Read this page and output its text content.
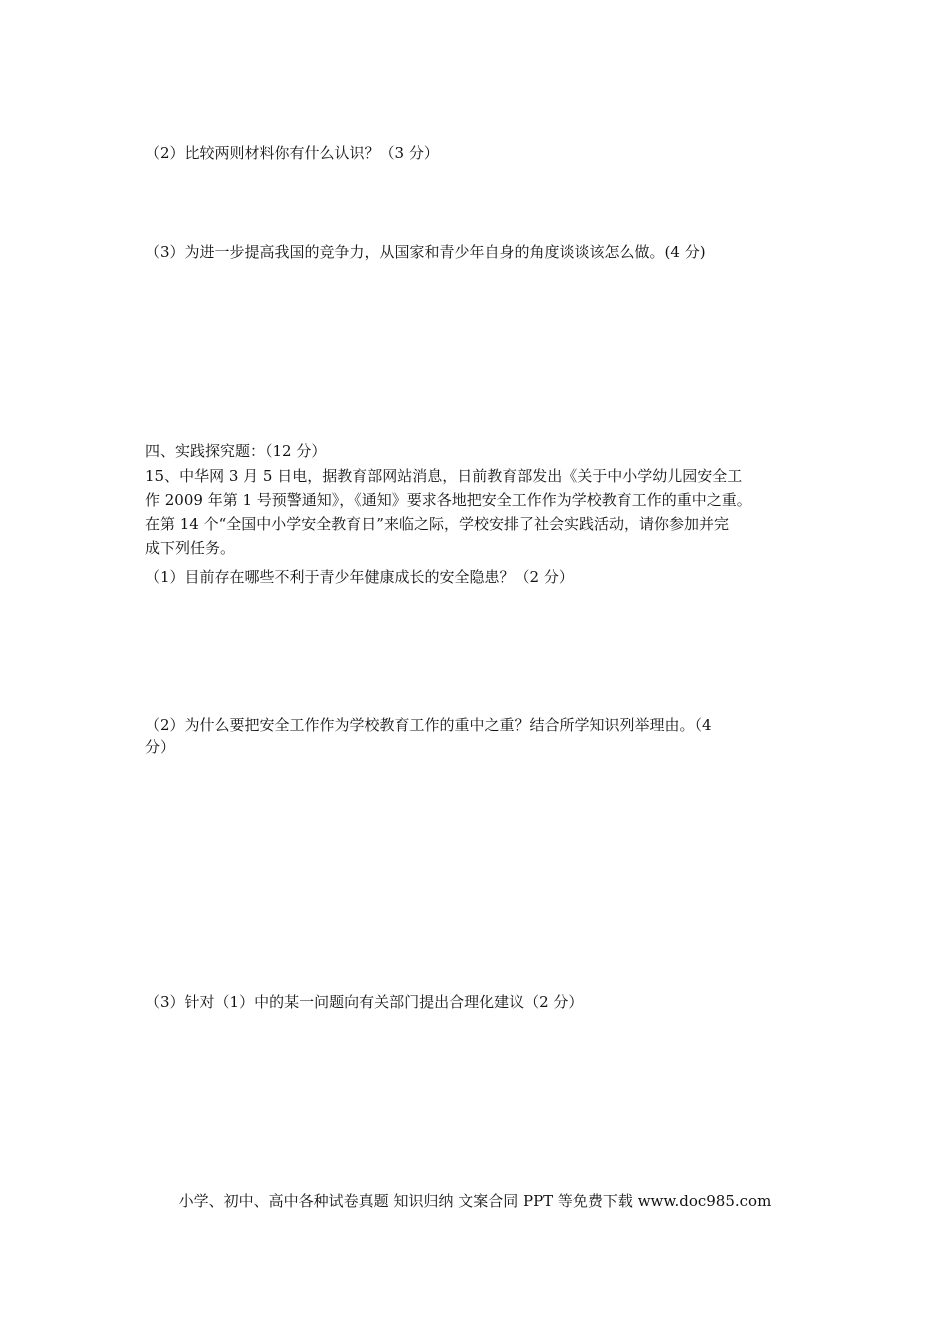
（2）比较两则材料你有什么认识？（3 分）
（3）为进一步提高我国的竞争力，从国家和青少年自身的角度谈谈该怎么做。(4 分)
四、实践探究题：（12 分）
15、中华网 3 月 5 日电，据教育部网站消息，日前教育部发出《关于中小学幼儿园安全工
作 2009 年第 1 号预警通知》，《通知》要求各地把安全工作作为学校教育工作的重中之重。
在第 14 个“全国中小学安全教育日”来临之际，学校安排了社会实践活动，请你参加并完
成下列任务。
（1）目前存在哪些不利于青少年健康成长的安全隐患？（2 分）
（2）为什么要把安全工作作为学校教育工作的重中之重？结合所学知识列举理由。（4
分）
（3）针对（1）中的某一问题向有关部门提出合理化建议（2 分）
小学、初中、高中各种试卷真题 知识归纳 文案合同 PPT 等免费下载 www.doc985.com
